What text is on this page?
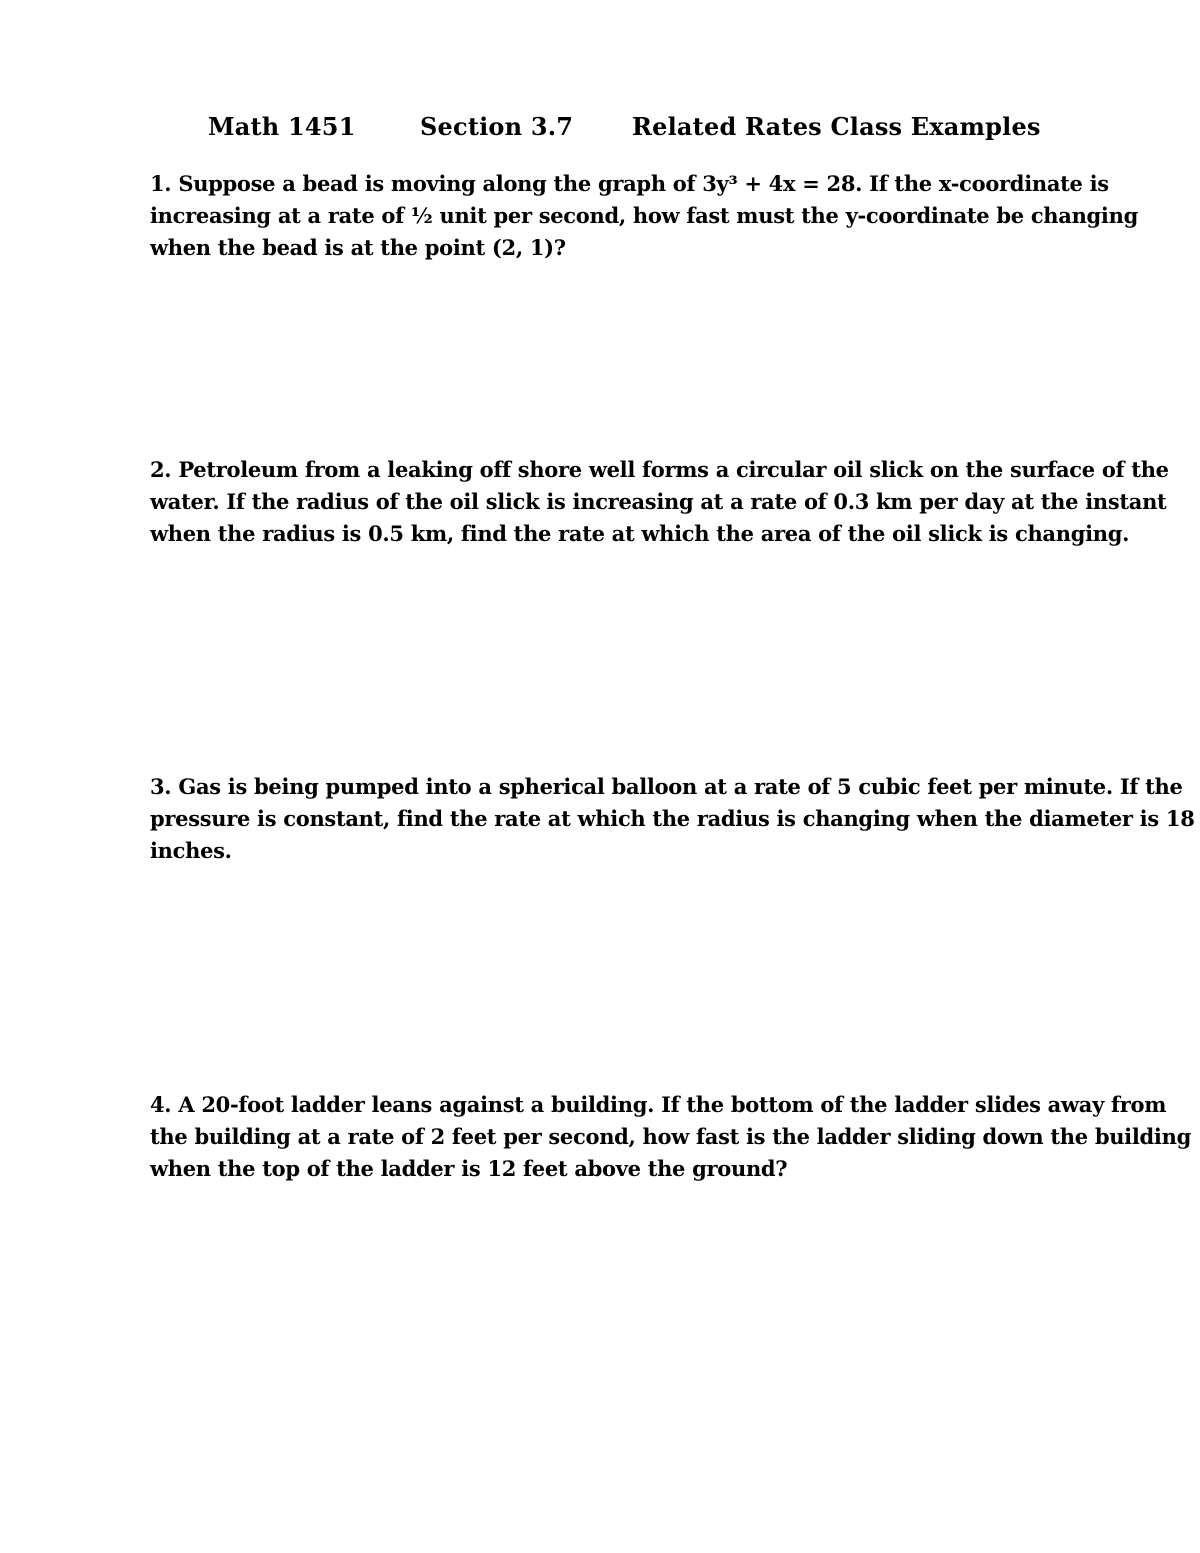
Math 1451	Section 3.7 Related Rates Class Examples
1. Suppose a bead is moving along the graph of 3y³ + 4x = 28. If the x-coordinate is
increasing at a rate of ½ unit per second, how fast must the y-coordinate be changing
when the bead is at the point (2, 1)?
2. Petroleum from a leaking off shore well forms a circular oil slick on the surface of the
water. If the radius of the oil slick is increasing at a rate of 0.3 km per day at the instant
when the radius is 0.5 km, find the rate at which the area of the oil slick is changing.
3. Gas is being pumped into a spherical balloon at a rate of 5 cubic feet per minute. If the
pressure is constant, find the rate at which the radius is changing when the diameter is 18
inches.
4. A 20-foot ladder leans against a building. If the bottom of the ladder slides away from
the building at a rate of 2 feet per second, how fast is the ladder sliding down the building
when the top of the ladder is 12 feet above the ground?
